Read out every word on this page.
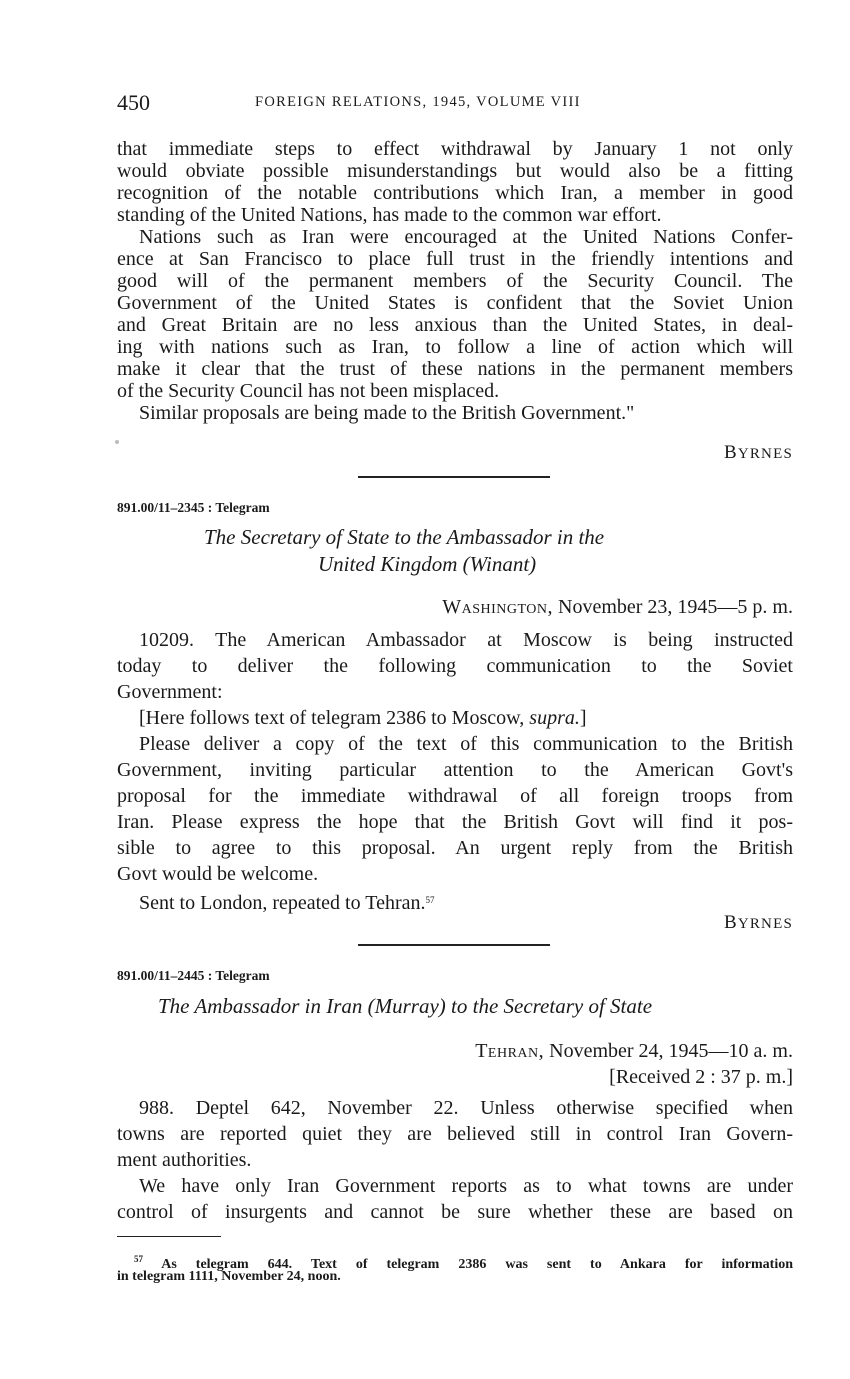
450	FOREIGN RELATIONS, 1945, VOLUME VIII
that immediate steps to effect withdrawal by January 1 not only
would obviate possible misunderstandings but would also be a fitting
recognition of the notable contributions which Iran, a member in good
standing of the United Nations, has made to the common war effort.
Nations such as Iran were encouraged at the United Nations Confer-
ence at San Francisco to place full trust in the friendly intentions and
good will of the permanent members of the Security Council. The
Government of the United States is confident that the Soviet Union
and Great Britain are no less anxious than the United States, in deal-
ing with nations such as Iran, to follow a line of action which will
make it clear that the trust of these nations in the permanent members
of the Security Council has not been misplaced.
Similar proposals are being made to the British Government."
BYRNES
891.00/11–2345 : Telegram
The Secretary of State to the Ambassador in the
United Kingdom (Winant)
Washington, November 23, 1945—5 p. m.
10209. The American Ambassador at Moscow is being instructed
today to deliver the following communication to the Soviet
Government:
[Here follows text of telegram 2386 to Moscow, supra.]
Please deliver a copy of the text of this communication to the British
Government, inviting particular attention to the American Govt's
proposal for the immediate withdrawal of all foreign troops from
Iran. Please express the hope that the British Govt will find it pos-
sible to agree to this proposal. An urgent reply from the British
Govt would be welcome.
Sent to London, repeated to Tehran.$^{57}$
BYRNES
891.00/11–2445 : Telegram
The Ambassador in Iran (Murray) to the Secretary of State
Tehran, November 24, 1945—10 a. m.
[Received 2 : 37 p. m.]
988. Deptel 642, November 22. Unless otherwise specified when
towns are reported quiet they are believed still in control Iran Govern-
ment authorities.
We have only Iran Government reports as to what towns are under
control of insurgents and cannot be sure whether these are based on
$^{57}$ As telegram 644. Text of telegram 2386 was sent to Ankara for information
in telegram 1111, November 24, noon.
